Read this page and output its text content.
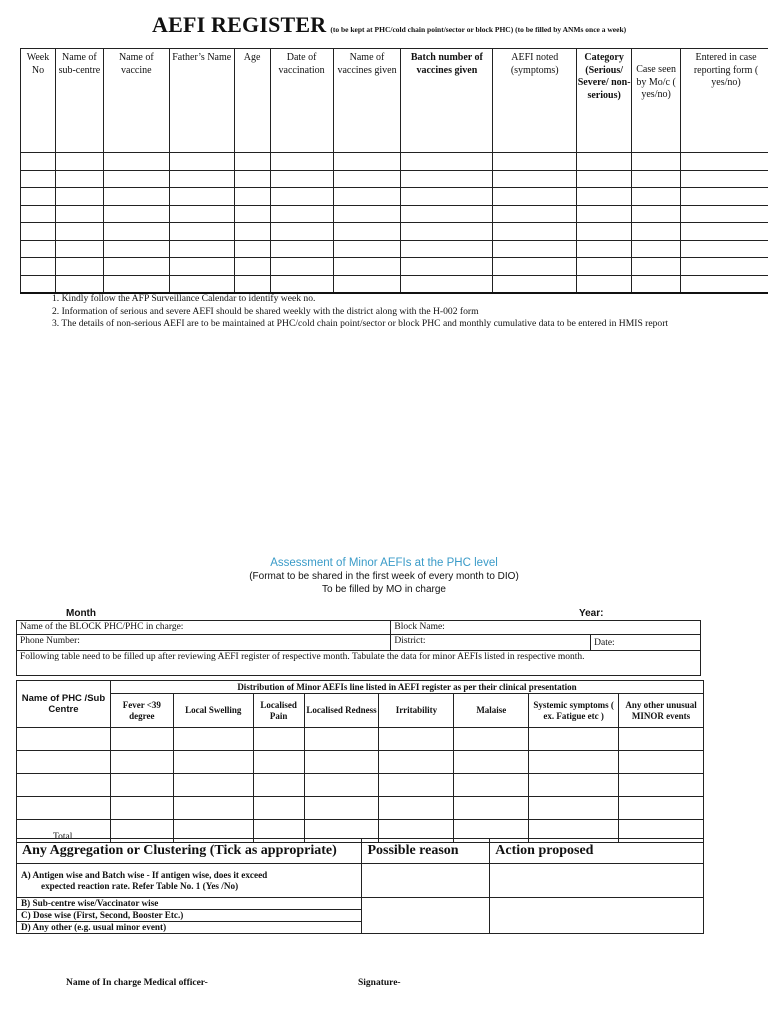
AEFI REGISTER (to be kept at PHC/cold chain point/sector or block PHC) (to be filled by ANMs once a week)
Week No	Name of sub-centre	Name of vaccine	Father’s Name	Age	Date of vaccination	Name of vaccines given	Batch number of vaccines given	AEFI noted (symptoms)	Category (Serious/ Severe/ non-serious)	Case seen by Mo/c ( yes/no)	Entered in case reporting form ( yes/no)

1. Kindly follow the AFP Surveillance Calendar to identify week no.
2. Information of serious and severe AEFI should be shared weekly with the district along with the H-002 form
3. The details of non-serious AEFI are to be maintained at PHC/cold chain point/sector or block PHC and monthly cumulative data to be entered in HMIS report
Assessment of Minor AEFIs at the PHC level
(Format to be shared in the first week of every month to DIO)
To be filled by MO in charge
Month	Year:
Name of the BLOCK PHC/PHC in charge:	Block Name:	
Phone Number:	District:	Date:
Following table need to be filled up after reviewing AEFI register of respective month. Tabulate the data for minor AEFIs listed in respective month.		
Name of PHC /Sub Centre	Distribution of Minor AEFIs line listed in AEFI register as per their clinical presentation							
	Fever <39 degree	Local Swelling	Localised Pain	Localised Redness	Irritability	Malaise	Systemic symptoms ( ex. Fatigue etc )	Any other unusual MINOR events

Total								
Any Aggregation or Clustering (Tick as appropriate)	Possible reason	Action proposed

A) Antigen wise and Batch wise - If antigen wise, does it exceed
expected reaction rate. Refer Table No. 1 (Yes /No)		
B) Sub-centre wise/Vaccinator wise		
C) Dose wise (First, Second, Booster Etc.)		
D) Any other (e.g. usual minor event)		
Name of In charge Medical officer-	Signature-
